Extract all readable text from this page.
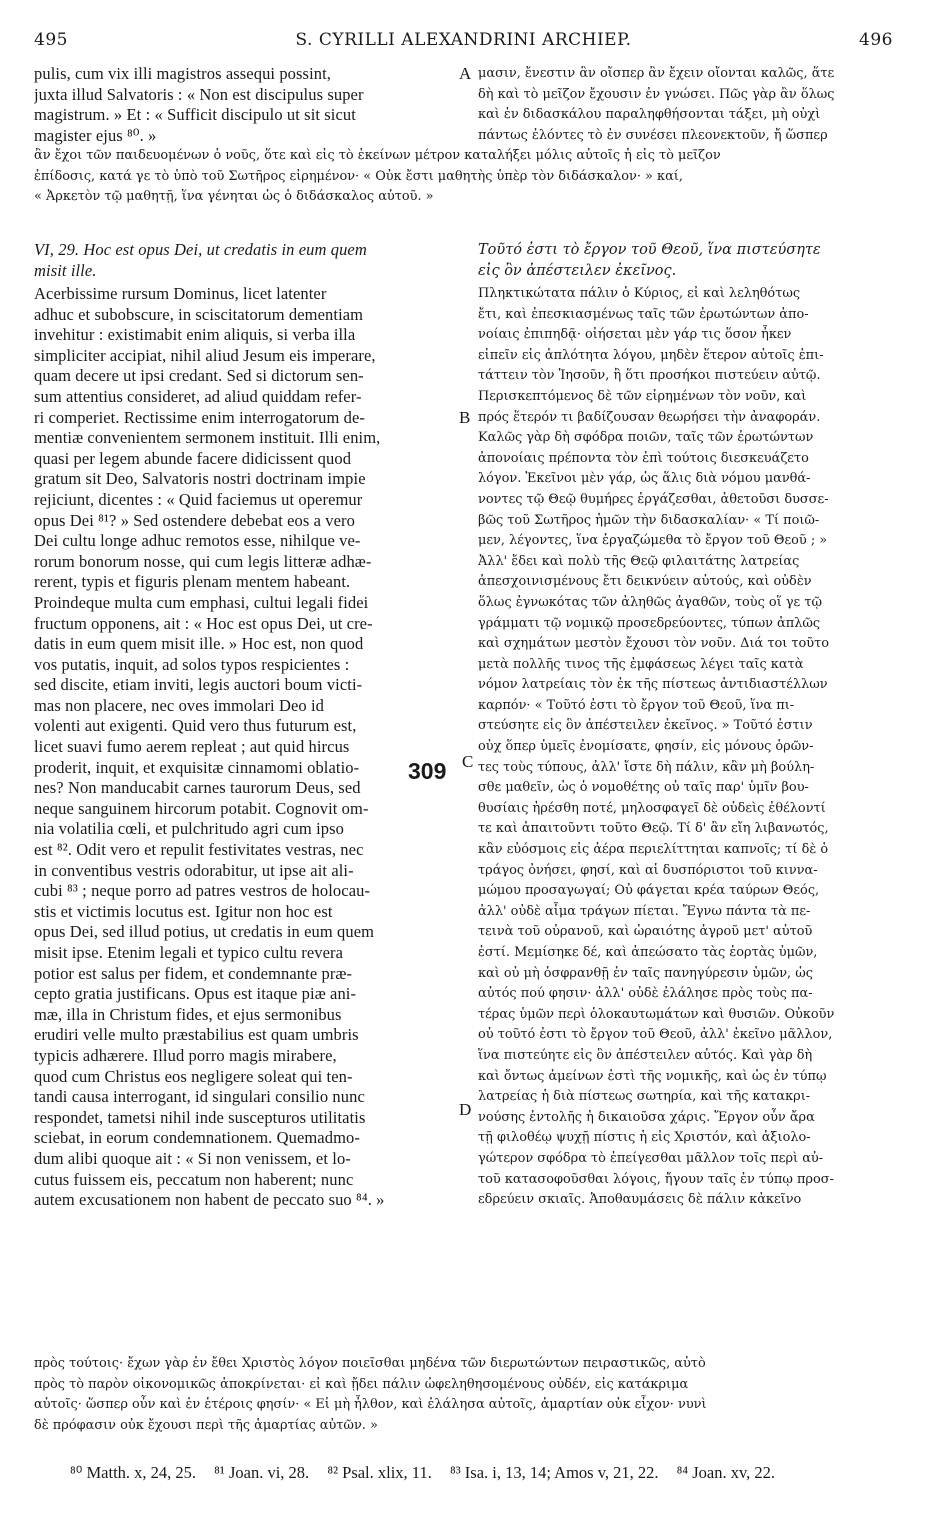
495	S. CYRILLI ALEXANDRINI ARCHIEP.	496

pulis, cum vix illi magistros assequi possint,

juxta illud Salvatoris : « Non est discipulus super

magistrum. » Et : « Sufficit discipulo ut sit sicut

magister ejus ⁸⁰. »

μασιν, ἔνεστιν ἂν οἴσπερ ἂν ἔχειν οἴονται καλῶς, ἅτε

δὴ καὶ τὸ μεῖζον ἔχουσιν ἐν γνώσει. Πῶς γὰρ ἂν ὅλως

καὶ ἐν διδασκάλου παραληφθήσονται τάξει, μὴ οὐχὶ

πάντως ἐλόντες τὸ ἐν συνέσει πλεονεκτοῦν, ἤ ὥσπερ

ἂν ἔχοι τῶν παιδευομένων ὁ νοῦς, ὅτε καὶ εἰς τὸ ἐκείνων μέτρον καταλήξει μόλις αὐτοῖς ἡ εἰς τὸ μεῖζον

ἐπίδοσις, κατά γε τὸ ὑπὸ τοῦ Σωτῆρος εἰρημένον· « Οὐκ ἔστι μαθητὴς ὑπὲρ τὸν διδάσκαλον· » καί,

« Ἀρκετὸν τῷ μαθητῇ, ἵνα γένηται ὡς ὁ διδάσκαλος αὐτοῦ. »

VI, 29. Hoc est opus Dei, ut credatis in eum quem

misit ille.

Τοῦτό ἐστι τὸ ἔργον τοῦ Θεοῦ, ἵνα πιστεύσητε

εἰς ὃν ἀπέστειλεν ἐκεῖνος.

Acerbissime rursum Dominus, licet latenter

adhuc et subobscure, in sciscitatorum dementiam

invehitur : existimabit enim aliquis, si verba illa

simpliciter accipiat, nihil aliud Jesum eis imperare,

quam decere ut ipsi credant. Sed si dictorum sen-

sum attentius consideret, ad aliud quiddam refer-

ri comperiet. Rectissime enim interrogatorum de-

mentiæ convenientem sermonem instituit. Illi enim,

quasi per legem abunde facere didicissent quod

gratum sit Deo, Salvatoris nostri doctrinam impie

rejiciunt, dicentes : « Quid faciemus ut operemur

opus Dei ⁸¹? » Sed ostendere debebat eos a vero

Dei cultu longe adhuc remotos esse, nihilque ve-

rorum bonorum nosse, qui cum legis litteræ adhæ-

rerent, typis et figuris plenam mentem habeant.

Proindeque multa cum emphasi, cultui legali fidei

fructum opponens, ait : « Hoc est opus Dei, ut cre-

datis in eum quem misit ille. » Hoc est, non quod

vos putatis, inquit, ad solos typos respicientes :

sed discite, etiam inviti, legis auctori boum victi-

mas non placere, nec oves immolari Deo id

volenti aut exigenti. Quid vero thus futurum est,

licet suavi fumo aerem repleat ; aut quid hircus

proderit, inquit, et exquisitæ cinnamomi oblatio-

nes? Non manducabit carnes taurorum Deus, sed

neque sanguinem hircorum potabit. Cognovit om-

nia volatilia cœli, et pulchritudo agri cum ipso

est ⁸². Odit vero et repulit festivitates vestras, nec

in conventibus vestris odorabitur, ut ipse ait ali-

cubi ⁸³ ; neque porro ad patres vestros de holocau-

stis et victimis locutus est. Igitur non hoc est

opus Dei, sed illud potius, ut credatis in eum quem

misit ipse. Etenim legali et typico cultu revera

potior est salus per fidem, et condemnante præ-

cepto gratia justificans. Opus est itaque piæ ani-

mæ, illa in Christum fides, et ejus sermonibus

erudiri velle multo præstabilius est quam umbris

typicis adhærere. Illud porro magis mirabere,

quod cum Christus eos negligere soleat qui ten-

tandi causa interrogant, id singulari consilio nunc

respondet, tametsi nihil inde suscepturos utilitatis

sciebat, in eorum condemnationem. Quemadmo-

dum alibi quoque ait : « Si non venissem, et lo-

cutus fuissem eis, peccatum non haberent; nunc

autem excusationem non habent de peccato suo ⁸⁴. »

Πληκτικώτατα πάλιν ὁ Κύριος, εἰ καὶ λεληθότως

ἔτι, καὶ ἐπεσκιασμένως ταῖς τῶν ἐρωτώντων ἀπο-

νοίαις ἐπιπηδᾷ· οἰήσεται μὲν γάρ τις ὅσον ἦκεν

εἰπεῖν εἰς ἁπλότητα λόγου, μηδὲν ἕτερον αὐτοῖς ἐπι-

τάττειν τὸν Ἰησοῦν, ἢ ὅτι προσήκοι πιστεύειν αὐτῷ.

Περισκεπτόμενος δὲ τῶν εἰρημένων τὸν νοῦν, καὶ

πρός ἕτερόν τι βαδίζουσαν θεωρήσει τὴν ἀναφοράν.

Καλῶς γὰρ δὴ σφόδρα ποιῶν, ταῖς τῶν ἐρωτώντων

ἀπονοίαις πρέποντα τὸν ἐπὶ τούτοις διεσκευάζετο

λόγον. Ἐκεῖνοι μὲν γάρ, ὡς ἅλις διὰ νόμου μανθά-

νοντες τῷ Θεῷ θυμήρες ἐργάζεσθαι, ἀθετοῦσι δυσσε-

βῶς τοῦ Σωτῆρος ἡμῶν τὴν διδασκαλίαν· « Τί ποιῶ-

μεν, λέγοντες, ἵνα ἐργαζώμεθα τὸ ἔργον τοῦ Θεοῦ ; »

Ἀλλ' ἔδει καὶ πολὺ τῆς Θεῷ φιλαιτάτης λατρείας

ἀπεσχοινισμένους ἔτι δεικνύειν αὐτούς, καὶ οὐδὲν

ὅλως ἐγνωκότας τῶν ἀληθῶς ἀγαθῶν, τοὺς οἵ γε τῷ

γράμματι τῷ νομικῷ προσεδρεύοντες, τύπων ἁπλῶς

καὶ σχημάτων μεστὸν ἔχουσι τὸν νοῦν. Διά τοι τοῦτο

μετὰ πολλῆς τινος τῆς ἐμφάσεως λέγει ταῖς κατὰ

νόμον λατρείαις τὸν ἐκ τῆς πίστεως ἀντιδιαστέλλων

καρπόν· « Τοῦτό ἐστι τὸ ἔργον τοῦ Θεοῦ, ἵνα πι-

στεύσητε εἰς ὃν ἀπέστειλεν ἐκεῖνος. » Τοῦτό ἐστιν

οὐχ ὅπερ ὑμεῖς ἐνομίσατε, φησίν, εἰς μόνους ὁρῶν-

τες τοὺς τύπους, ἀλλ' ἴστε δὴ πάλιν, κἂν μὴ βούλη-

σθε μαθεῖν, ὡς ὁ νομοθέτης οὐ ταῖς παρ' ὑμῖν βου-

θυσίαις ἠρέσθη ποτέ, μηλοσφαγεῖ δὲ οὐδεὶς ἐθέλοντί

τε καὶ ἀπαιτοῦντι τοῦτο Θεῷ. Τί δ' ἂν εἴη λιβανωτός,

κἂν εὐόσμοις εἰς ἀέρα περιελίττηται καπνοῖς; τί δὲ ὁ

τράγος ὀνήσει, φησί, καὶ αἱ δυσπόριστοι τοῦ κιννα-

μώμου προσαγωγαί; Οὐ φάγεται κρέα ταύρων Θεός,

ἀλλ' οὐδὲ αἷμα τράγων πίεται. Ἔγνω πάντα τὰ πε-

τεινὰ τοῦ οὐρανοῦ, καὶ ὡραιότης ἀγροῦ μετ' αὐτοῦ

ἐστί. Μεμίσηκε δέ, καὶ ἀπεώσατο τὰς ἑορτὰς ὑμῶν,

καὶ οὐ μὴ ὀσφρανθῇ ἐν ταῖς πανηγύρεσιν ὑμῶν, ὡς

αὐτός πού φησιν· ἀλλ' οὐδὲ ἐλάλησε πρὸς τοὺς πα-

τέρας ὑμῶν περὶ ὁλοκαυτωμάτων καὶ θυσιῶν. Οὐκοῦν

οὐ τοῦτό ἐστι τὸ ἔργον τοῦ Θεοῦ, ἀλλ' ἐκεῖνο μᾶλλον,

ἵνα πιστεύητε εἰς ὃν ἀπέστειλεν αὐτός. Καὶ γὰρ δὴ

καὶ ὄντως ἀμείνων ἐστὶ τῆς νομικῆς, καὶ ὡς ἐν τύπῳ

λατρείας ἡ διὰ πίστεως σωτηρία, καὶ τῆς κατακρι-

νούσης ἐντολῆς ἡ δικαιοῦσα χάρις. Ἔργον οὖν ἄρα

τῇ φιλοθέῳ ψυχῇ πίστις ἡ εἰς Χριστόν, καὶ ἀξιολο-

γώτερον σφόδρα τὸ ἐπείγεσθαι μᾶλλον τοῖς περὶ αὐ-

τοῦ κατασοφοῦσθαι λόγοις, ἤγουν ταῖς ἐν τύπῳ προσ-

εδρεύειν σκιαῖς. Ἀποθαυμάσεις δὲ πάλιν κἀκεῖνο

πρὸς τούτοις· ἔχων γὰρ ἐν ἔθει Χριστὸς λόγον ποιεῖσθαι μηδένα τῶν διερωτώντων πειραστικῶς, αὐτὸ

πρὸς τὸ παρὸν οἰκονομικῶς ἀποκρίνεται· εἰ καὶ ᾔδει πάλιν ὠφεληθησομένους οὐδέν, εἰς κατάκριμα

αὐτοῖς· ὥσπερ οὖν καὶ ἐν ἑτέροις φησίν· « Εἰ μὴ ἦλθον, καὶ ἐλάλησα αὐτοῖς, ἁμαρτίαν οὐκ εἶχον· νυνὶ

δὲ πρόφασιν οὐκ ἔχουσι περὶ τῆς ἁμαρτίας αὐτῶν. »

A
B
C
D
309
⁸⁰ Matth. x, 24, 25. ⁸¹ Joan. vi, 28. ⁸² Psal. xlix, 11. ⁸³ Isa. i, 13, 14; Amos v, 21, 22. ⁸⁴ Joan. xv, 22.
